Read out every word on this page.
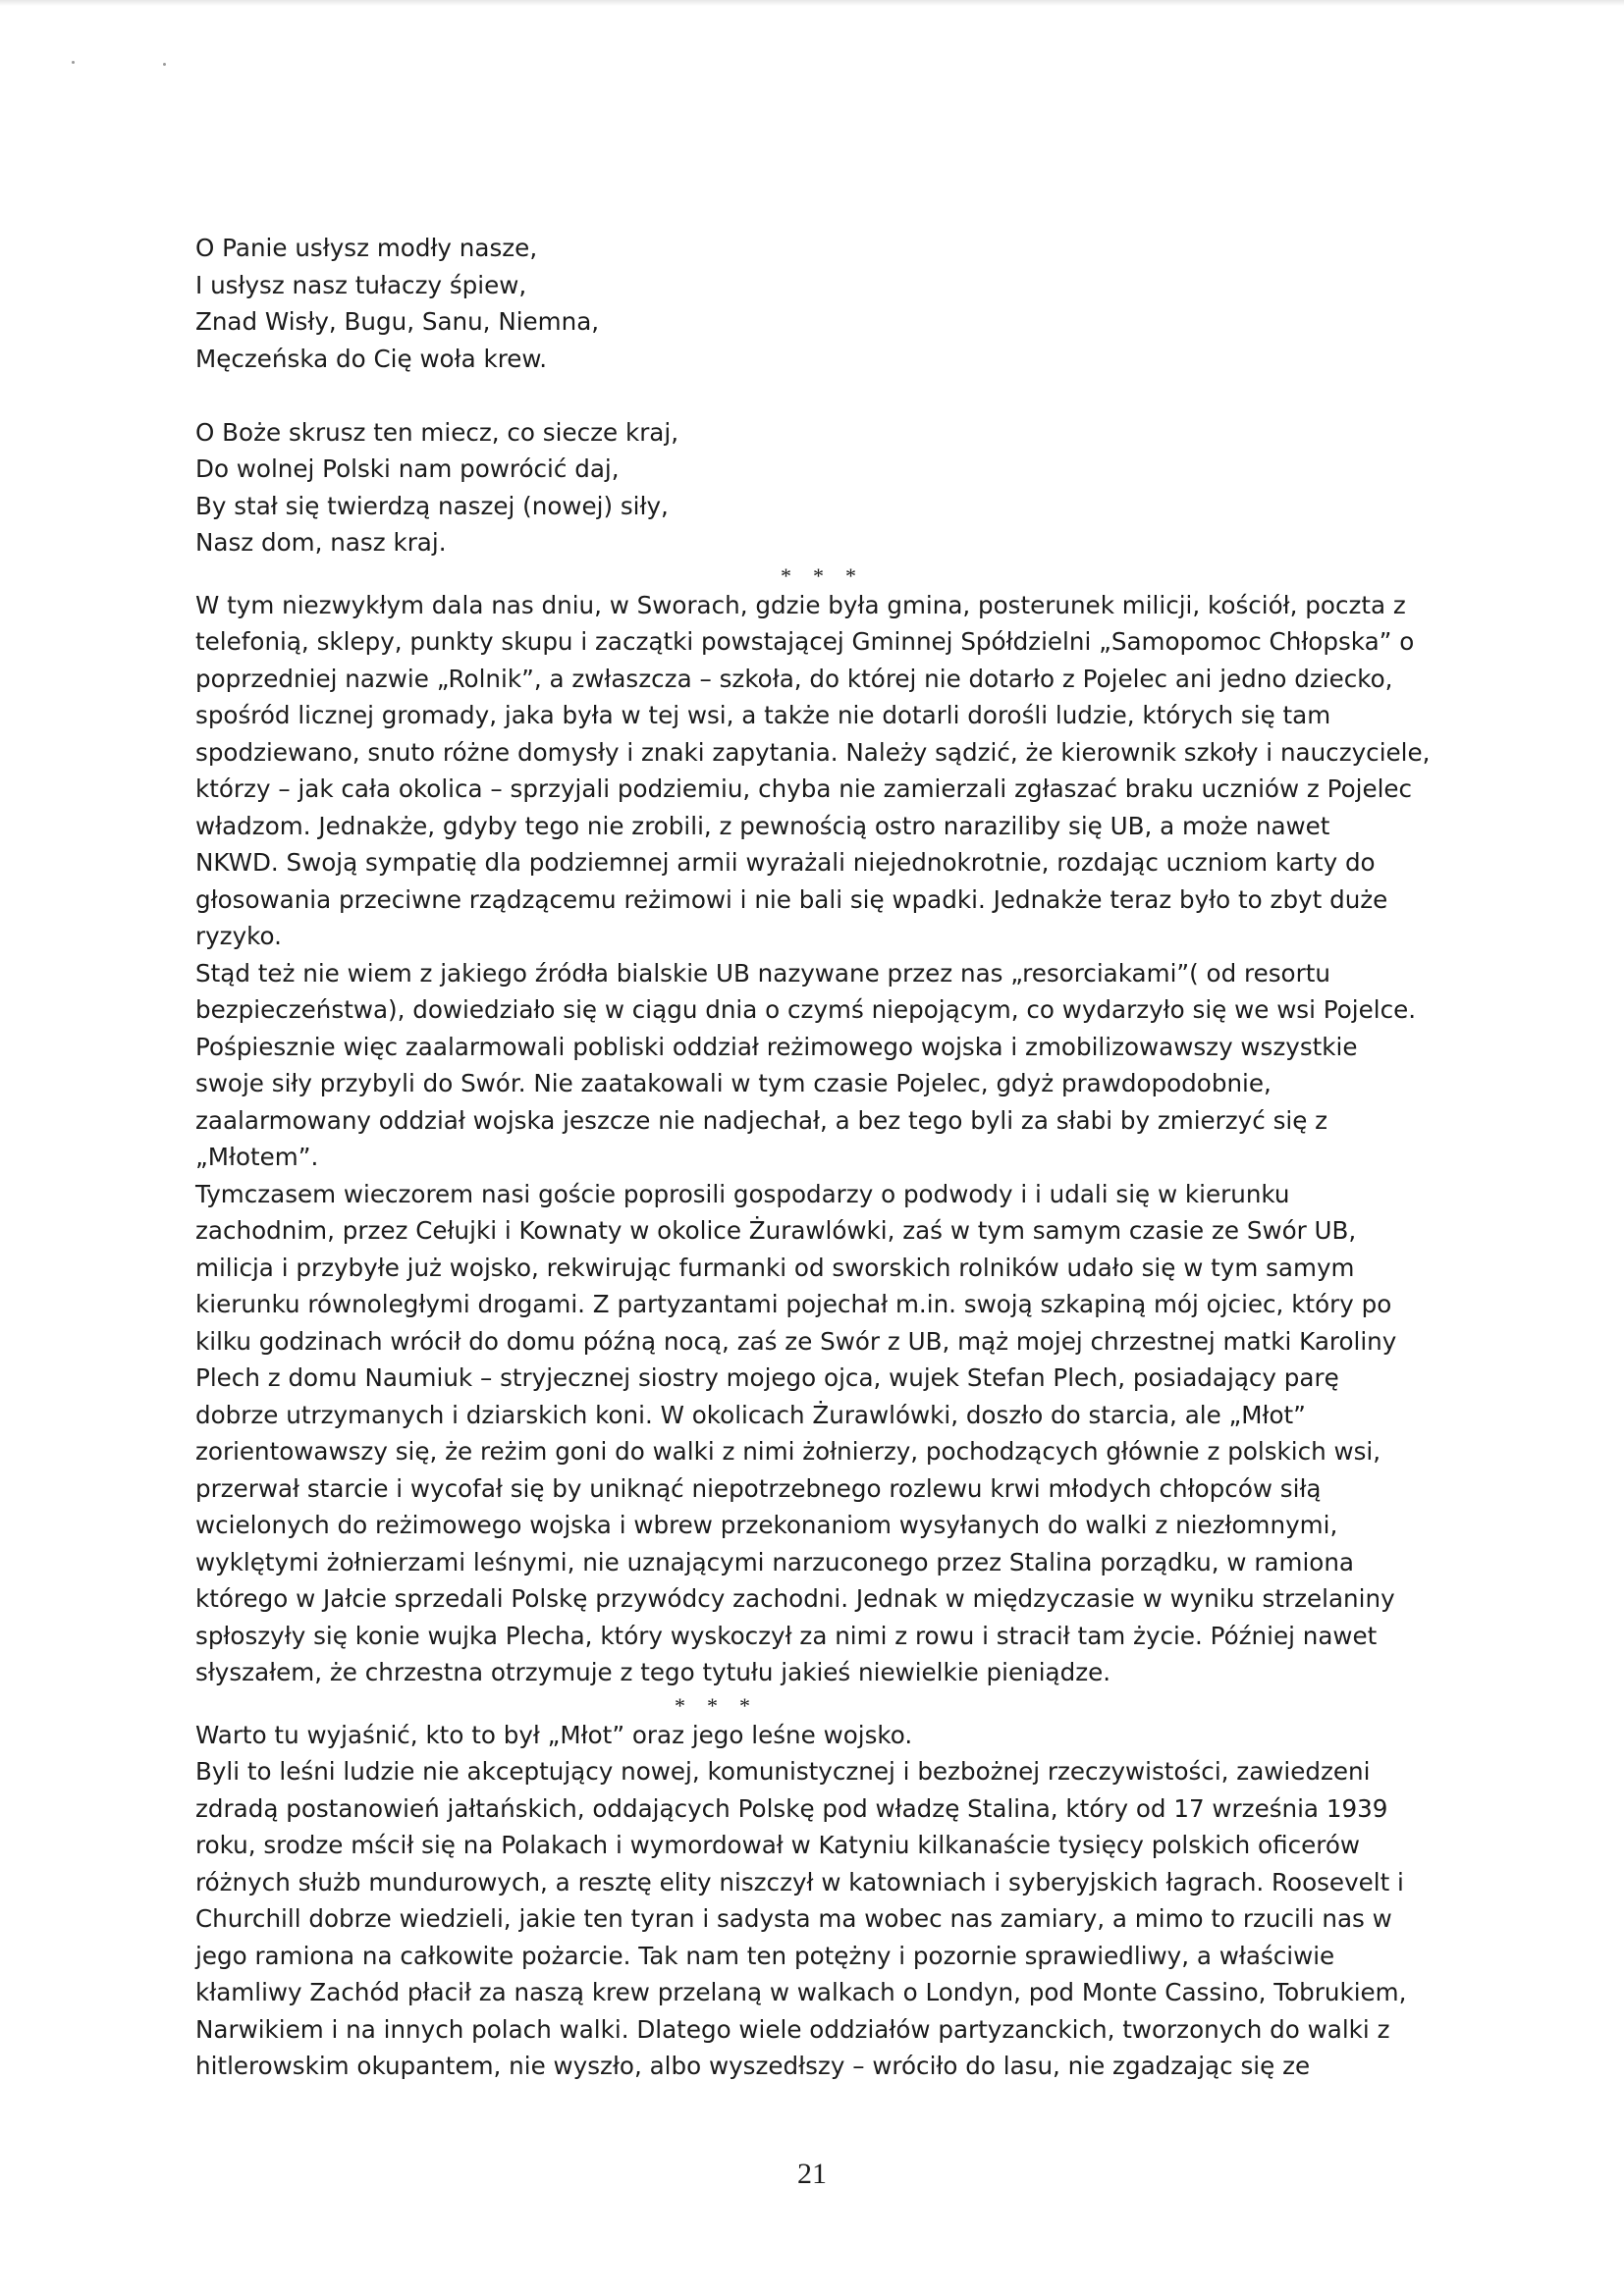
O Panie usłysz modły nasze,
I usłysz nasz tułaczy śpiew,
Znad Wisły, Bugu, Sanu, Niemna,
Męczeńska do Cię woła krew.
O Boże skrusz ten miecz, co siecze kraj,
Do wolnej Polski nam powrócić daj,
By stał się twierdzą naszej (nowej) siły,
Nasz dom, nasz kraj.
*    *    *
W tym niezwykłym dala nas dniu, w Sworach, gdzie była gmina, posterunek milicji, kościół, poczta z
telefonią, sklepy, punkty skupu i zaczątki powstającej Gminnej Spółdzielni „Samopomoc Chłopska” o
poprzedniej nazwie „Rolnik”, a zwłaszcza – szkoła, do której nie dotarło z Pojelec ani jedno dziecko,
spośród licznej gromady, jaka była w tej wsi, a także nie dotarli dorośli ludzie, których się tam
spodziewano, snuto różne domysły i znaki zapytania. Należy sądzić, że kierownik szkoły i nauczyciele,
którzy – jak cała okolica – sprzyjali podziemiu, chyba nie zamierzali zgłaszać braku uczniów z Pojelec
władzom. Jednakże, gdyby tego nie zrobili, z pewnością ostro naraziliby się UB, a może nawet
NKWD. Swoją sympatię dla podziemnej armii wyrażali niejednokrotnie, rozdając uczniom karty do
głosowania przeciwne rządzącemu reżimowi i nie bali się wpadki. Jednakże teraz było to zbyt duże
ryzyko.
Stąd też nie wiem z jakiego źródła bialskie UB nazywane przez nas „resorciakami”( od resortu
bezpieczeństwa), dowiedziało się w ciągu dnia o czymś niepojącym, co wydarzyło się we wsi Pojelce.
Pośpiesznie więc zaalarmowali pobliski oddział reżimowego wojska i zmobilizowawszy wszystkie
swoje siły przybyli do Swór. Nie zaatakowali w tym czasie Pojelec, gdyż prawdopodobnie,
zaalarmowany oddział wojska jeszcze nie nadjechał, a bez tego byli za słabi by zmierzyć się z
„Młotem”.
Tymczasem wieczorem nasi goście poprosili gospodarzy o podwody i i udali się w kierunku
zachodnim, przez Cełujki i Kownaty w okolice Żurawlówki, zaś w tym samym czasie ze Swór UB,
milicja i przybyłe już wojsko, rekwirując furmanki od sworskich rolników udało się w tym samym
kierunku równoległymi drogami. Z partyzantami pojechał m.in. swoją szkapiną mój ojciec, który po
kilku godzinach wrócił do domu późną nocą, zaś ze Swór z UB, mąż mojej chrzestnej matki Karoliny
Plech z domu Naumiuk – stryjecznej siostry mojego ojca, wujek Stefan Plech, posiadający parę
dobrze utrzymanych i dziarskich koni. W okolicach Żurawlówki, doszło do starcia, ale „Młot”
zorientowawszy się, że reżim goni do walki z nimi żołnierzy, pochodzących głównie z polskich wsi,
przerwał starcie i wycofał się by uniknąć niepotrzebnego rozlewu krwi młodych chłopców siłą
wcielonych do reżimowego wojska i wbrew przekonaniom wysyłanych do walki z niezłomnymi,
wyklętymi żołnierzami leśnymi, nie uznającymi narzuconego przez Stalina porządku, w ramiona
którego w Jałcie sprzedali Polskę przywódcy zachodni. Jednak w międzyczasie w wyniku strzelaniny
spłoszyły się konie wujka Plecha, który wyskoczył za nimi z rowu i stracił tam życie. Później nawet
słyszałem, że chrzestna otrzymuje z tego tytułu jakieś niewielkie pieniądze.
*    *    *
Warto tu wyjaśnić, kto to był „Młot” oraz jego leśne wojsko.
Byli to leśni ludzie nie akceptujący nowej, komunistycznej i bezbożnej rzeczywistości, zawiedzeni
zdradą postanowień jałtańskich, oddających Polskę pod władzę Stalina, który od 17 września 1939
roku, srodze mścił się na Polakach i wymordował w Katyniu kilkanaście tysięcy polskich oficerów
różnych służb mundurowych, a resztę elity niszczył w katowniach i syberyjskich łagrach. Roosevelt i
Churchill dobrze wiedzieli, jakie ten tyran i sadysta ma wobec nas zamiary, a mimo to rzucili nas w
jego ramiona na całkowite pożarcie. Tak nam ten potężny i pozornie sprawiedliwy, a właściwie
kłamliwy Zachód płacił za naszą krew przelaną w walkach o Londyn, pod Monte Cassino, Tobrukiem,
Narwikiem i na innych polach walki. Dlatego wiele oddziałów partyzanckich, tworzonych do walki z
hitlerowskim okupantem, nie wyszło, albo wyszedłszy – wróciło do lasu, nie zgadzając się ze
21
